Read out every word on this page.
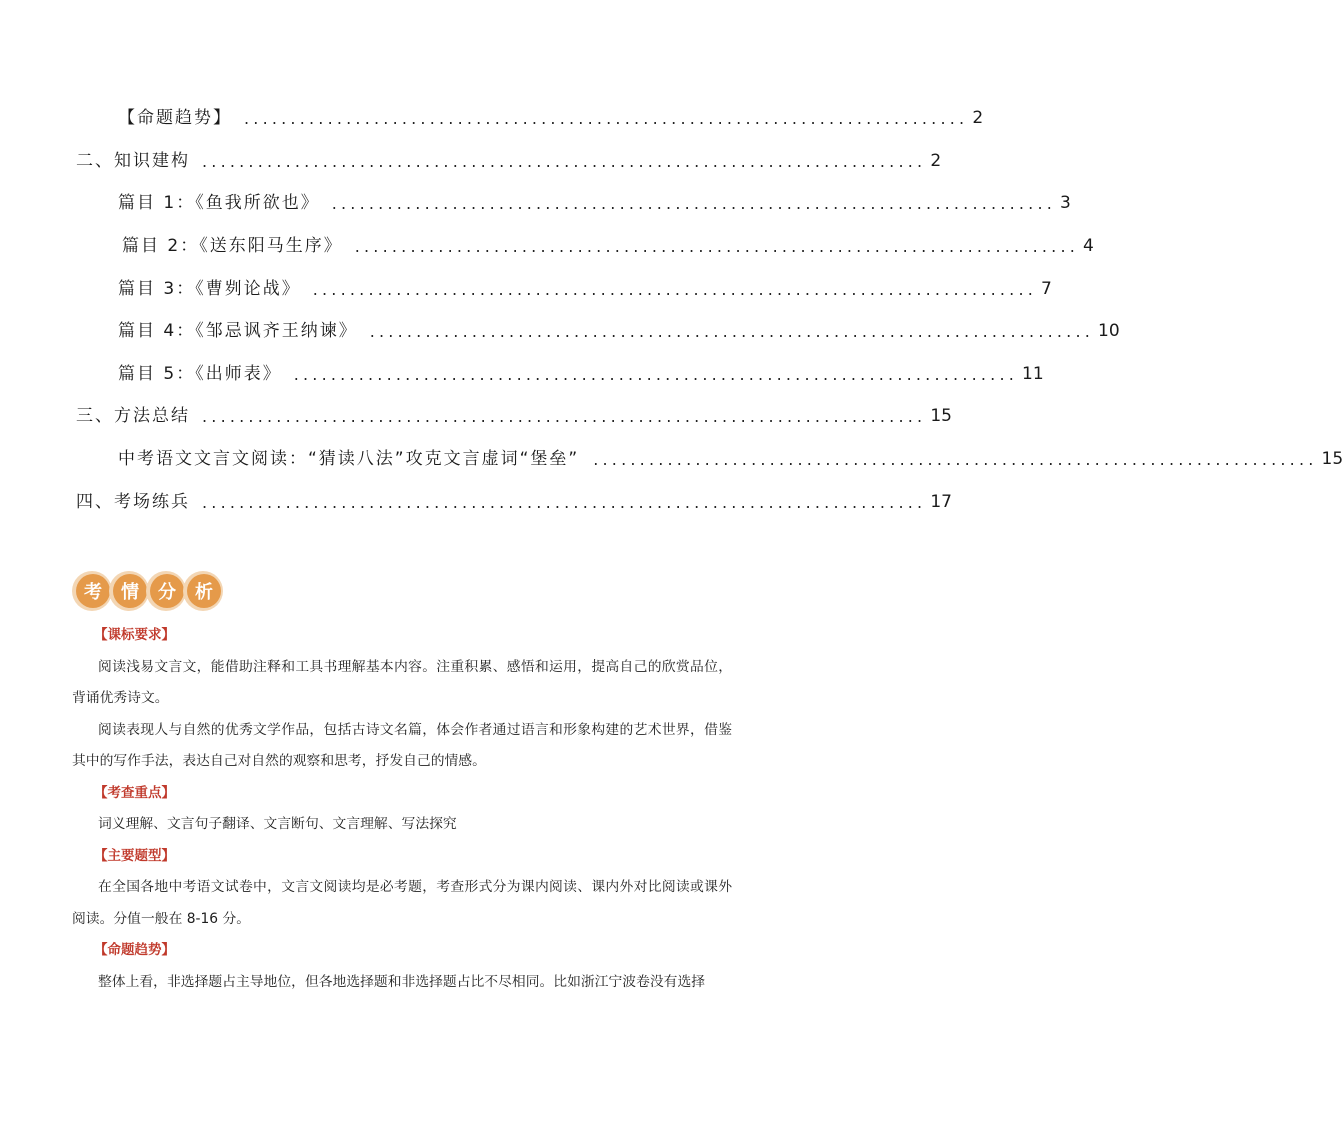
【命题趋势】 .............................................................................. 2
二、知识建构 .............................................................................. 2
篇目 1：《鱼我所欲也》 .............................................................................. 3
篇目 2：《送东阳马生序》 .............................................................................. 4
篇目 3：《曹刿论战》 .............................................................................. 7
篇目 4：《邹忌讽齐王纳谏》 .............................................................................. 10
篇目 5：《出师表》 .............................................................................. 11
三、方法总结 .............................................................................. 15
中考语文文言文阅读：“猜读八法”攻克文言虚词“堡垒” .............................................................................. 15
四、考场练兵 .............................................................................. 17
考	情	分	析
【课标要求】

阅读浅易文言文，能借助注释和工具书理解基本内容。注重积累、感悟和运用，提高自己的欣赏品位，背诵优秀诗文。

阅读表现人与自然的优秀文学作品，包括古诗文名篇，体会作者通过语言和形象构建的艺术世界，借鉴其中的写作手法，表达自己对自然的观察和思考，抒发自己的情感。

【考查重点】

词义理解、文言句子翻译、文言断句、文言理解、写法探究

【主要题型】

在全国各地中考语文试卷中，文言文阅读均是必考题，考查形式分为课内阅读、课内外对比阅读或课外阅读。分值一般在 8-16 分。

【命题趋势】

整体上看，非选择题占主导地位，但各地选择题和非选择题占比不尽相同。比如浙江宁波卷没有选择
